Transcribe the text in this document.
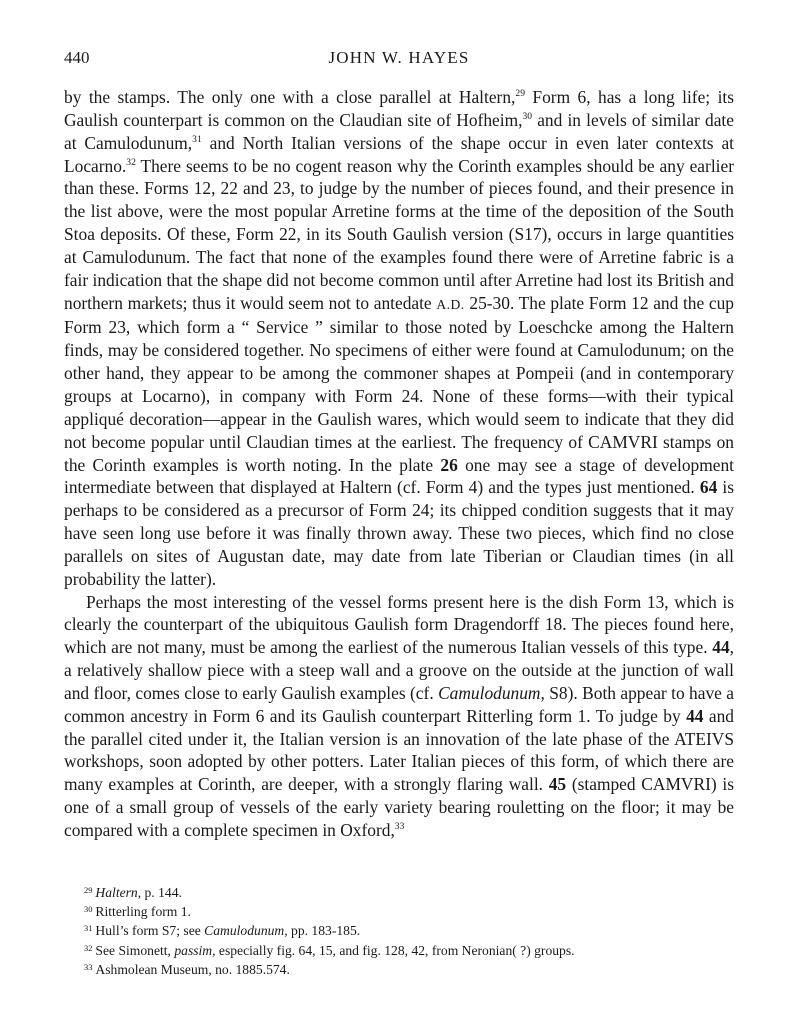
440	JOHN W. HAYES

by the stamps. The only one with a close parallel at Haltern,$^{29}$ Form 6, has a long life; its Gaulish counterpart is common on the Claudian site of Hofheim,$^{30}$ and in levels of similar date at Camulodunum,$^{31}$ and North Italian versions of the shape occur in even later contexts at Locarno.$^{32}$ There seems to be no cogent reason why the Corinth examples should be any earlier than these. Forms 12, 22 and 23, to judge by the number of pieces found, and their presence in the list above, were the most popular Arretine forms at the time of the deposition of the South Stoa deposits. Of these, Form 22, in its South Gaulish version (S17), occurs in large quantities at Camulodunum. The fact that none of the examples found there were of Arretine fabric is a fair indication that the shape did not become common until after Arretine had lost its British and northern markets; thus it would seem not to antedate A.D. 25-30. The plate Form 12 and the cup Form 23, which form a “ Service ” similar to those noted by Loeschcke among the Haltern finds, may be considered together. No specimens of either were found at Camulodunum; on the other hand, they appear to be among the commoner shapes at Pompeii (and in contemporary groups at Locarno), in company with Form 24. None of these forms—with their typical appliqué decoration—appear in the Gaulish wares, which would seem to indicate that they did not become popular until Claudian times at the earliest. The frequency of CAMVRI stamps on the Corinth examples is worth noting. In the plate 26 one may see a stage of development intermediate between that displayed at Haltern (cf. Form 4) and the types just mentioned. 64 is perhaps to be considered as a precursor of Form 24; its chipped condition suggests that it may have seen long use before it was finally thrown away. These two pieces, which find no close parallels on sites of Augustan date, may date from late Tiberian or Claudian times (in all probability the latter).

Perhaps the most interesting of the vessel forms present here is the dish Form 13, which is clearly the counterpart of the ubiquitous Gaulish form Dragendorff 18. The pieces found here, which are not many, must be among the earliest of the numerous Italian vessels of this type. 44, a relatively shallow piece with a steep wall and a groove on the outside at the junction of wall and floor, comes close to early Gaulish examples (cf. Camulodunum, S8). Both appear to have a common ancestry in Form 6 and its Gaulish counterpart Ritterling form 1. To judge by 44 and the parallel cited under it, the Italian version is an innovation of the late phase of the ATEIVS workshops, soon adopted by other potters. Later Italian pieces of this form, of which there are many examples at Corinth, are deeper, with a strongly flaring wall. 45 (stamped CAMVRI) is one of a small group of vessels of the early variety bearing rouletting on the floor; it may be compared with a complete specimen in Oxford,$^{33}$

$^{29}$ Haltern, p. 144.
$^{30}$ Ritterling form 1.
$^{31}$ Hull’s form S7; see Camulodunum, pp. 183-185.
$^{32}$ See Simonett, passim, especially fig. 64, 15, and fig. 128, 42, from Neronian( ?) groups.
$^{33}$ Ashmolean Museum, no. 1885.574.
